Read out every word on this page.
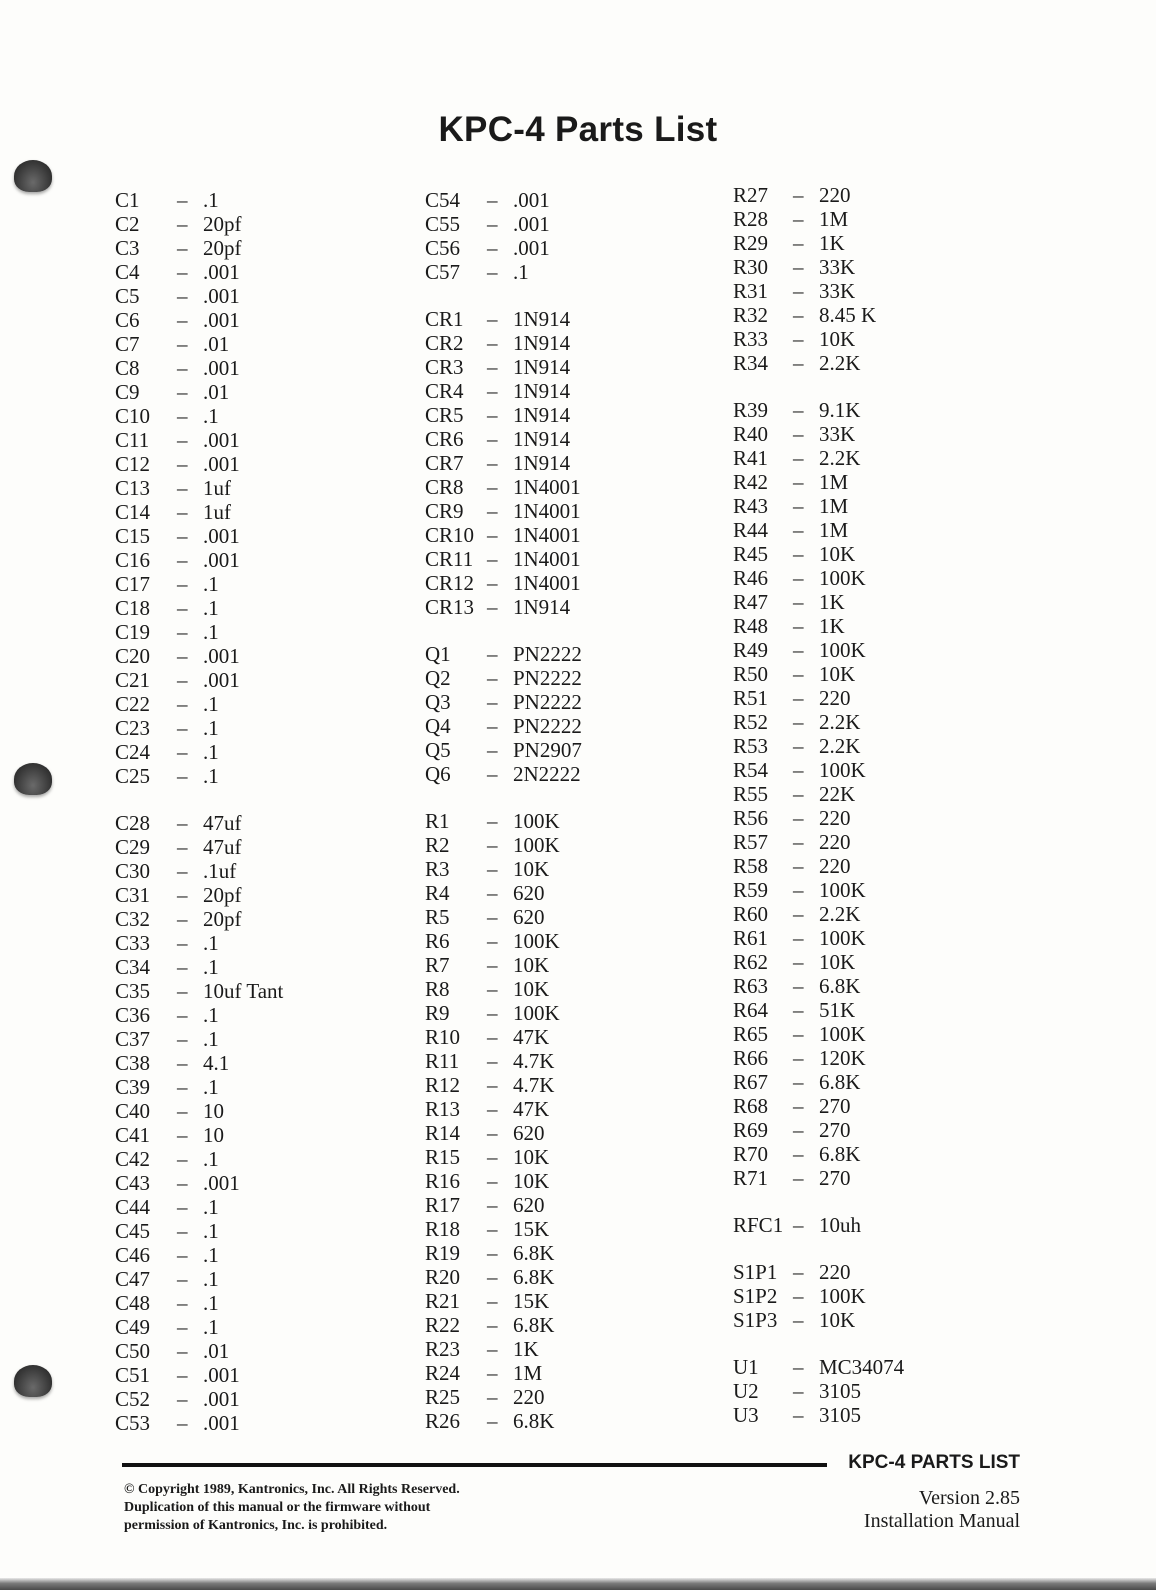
KPC-4 Parts List
C1	– .1
C2	– 20pf
C3	– 20pf
C4	– .001
C5	– .001
C6	– .001
C7	– .01
C8	– .001
C9	– .01
C10	– .1
C11	– .001
C12	– .001
C13	– 1uf
C14	– 1uf
C15	– .001
C16	– .001
C17	– .1
C18	– .1
C19	– .1
C20	– .001
C21	– .001
C22	– .1
C23	– .1
C24	– .1
C25	– .1
C28	– 47uf
C29	– 47uf
C30	– .1uf
C31	– 20pf
C32	– 20pf
C33	– .1
C34	– .1
C35	– 10uf Tant
C36	– .1
C37	– .1
C38	– 4.1
C39	– .1
C40	– 10
C41	– 10
C42	– .1
C43	– .001
C44	– .1
C45	– .1
C46	– .1
C47	– .1
C48	– .1
C49	– .1
C50	– .01
C51	– .001
C52	– .001
C53	– .001
C54	– .001
C55	– .001
C56	– .001
C57	– .1
CR1	– 1N914
CR2	– 1N914
CR3	– 1N914
CR4	– 1N914
CR5	– 1N914
CR6	– 1N914
CR7	– 1N914
CR8	– 1N4001
CR9	– 1N4001
CR10 – 1N4001
CR11 – 1N4001
CR12 – 1N4001
CR13 – 1N914
Q1	– PN2222
Q2	– PN2222
Q3	– PN2222
Q4	– PN2222
Q5	– PN2907
Q6	– 2N2222
R1	– 100K
R2	– 100K
R3	– 10K
R4	– 620
R5	– 620
R6	– 100K
R7	– 10K
R8	– 10K
R9	– 100K
R10	– 47K
R11	– 4.7K
R12	– 4.7K
R13	– 47K
R14	– 620
R15	– 10K
R16	– 10K
R17	– 620
R18	– 15K
R19	– 6.8K
R20	– 6.8K
R21	– 15K
R22	– 6.8K
R23	– 1K
R24	– 1M
R25	– 220
R26	– 6.8K
R27	– 220
R28	– 1M
R29	– 1K
R30	– 33K
R31	– 33K
R32	– 8.45 K
R33	– 10K
R34	– 2.2K
R39	– 9.1K
R40	– 33K
R41	– 2.2K
R42	– 1M
R43	– 1M
R44	– 1M
R45	– 10K
R46	– 100K
R47	– 1K
R48	– 1K
R49	– 100K
R50	– 10K
R51	– 220
R52	– 2.2K
R53	– 2.2K
R54	– 100K
R55	– 22K
R56	– 220
R57	– 220
R58	– 220
R59	– 100K
R60	– 2.2K
R61	– 100K
R62	– 10K
R63	– 6.8K
R64	– 51K
R65	– 100K
R66	– 120K
R67	– 6.8K
R68	– 270
R69	– 270
R70	– 6.8K
R71	– 270
RFC1 – 10uh
S1P1 – 220
S1P2 – 100K
S1P3 – 10K
U1	– MC34074
U2	– 3105
U3	– 3105
KPC-4 PARTS LIST
© Copyright 1989, Kantronics, Inc. All Rights Reserved.
Duplication of this manual or the firmware without
permission of Kantronics, Inc. is prohibited.
Version 2.85
Installation Manual
